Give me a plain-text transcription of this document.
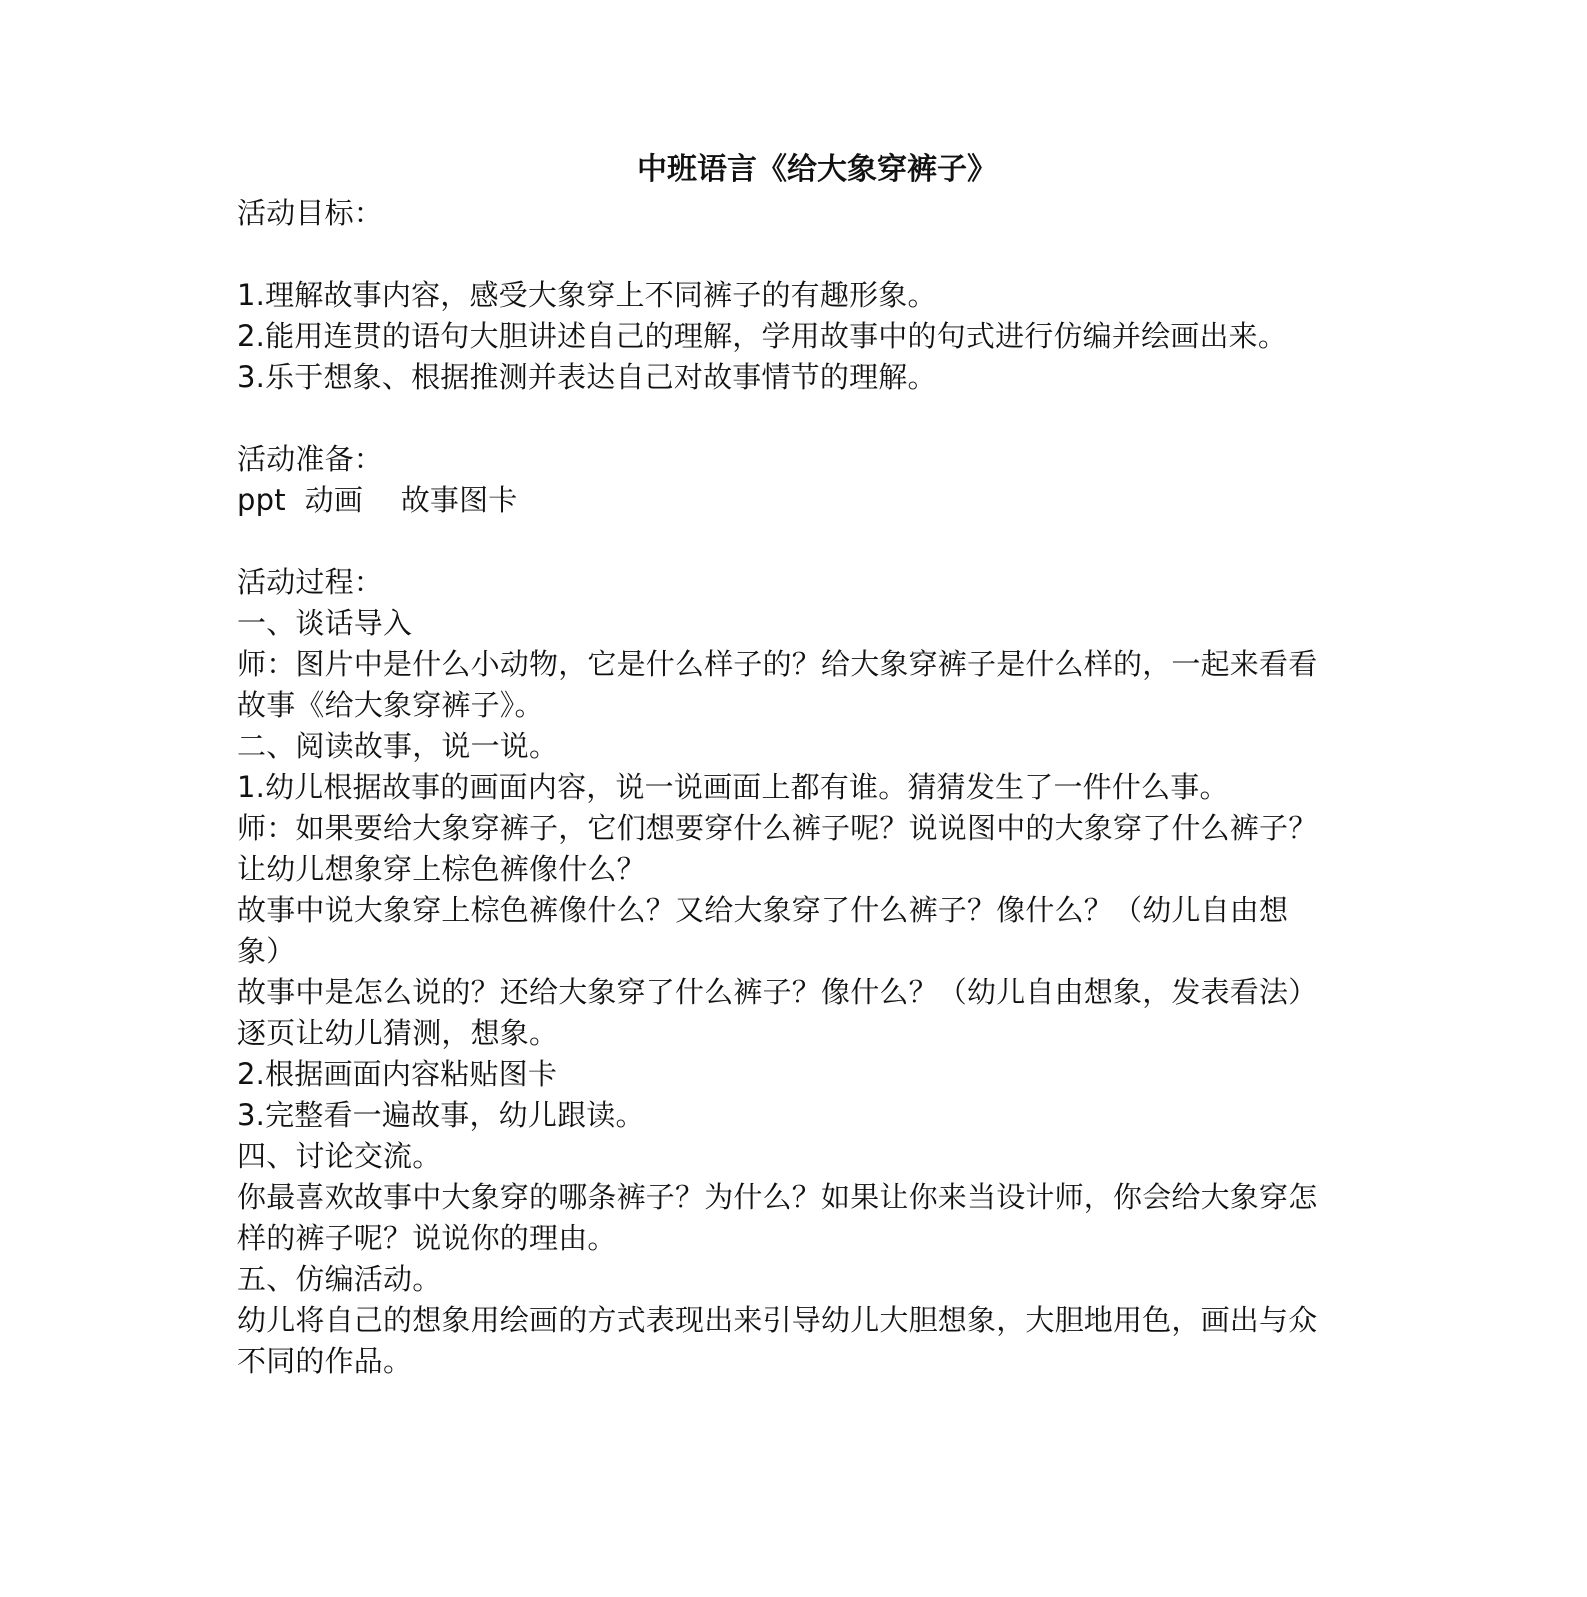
中班语言《给大象穿裤子》
活动目标：
1.理解故事内容，感受大象穿上不同裤子的有趣形象。
2.能用连贯的语句大胆讲述自己的理解，学用故事中的句式进行仿编并绘画出来。
3.乐于想象、根据推测并表达自己对故事情节的理解。
活动准备：
ppt  动画    故事图卡
活动过程：
一、谈话导入
师：图片中是什么小动物，它是什么样子的？给大象穿裤子是什么样的，一起来看看故事《给大象穿裤子》。
二、阅读故事，说一说。
1.幼儿根据故事的画面内容，说一说画面上都有谁。猜猜发生了一件什么事。
师：如果要给大象穿裤子，它们想要穿什么裤子呢？说说图中的大象穿了什么裤子？让幼儿想象穿上棕色裤像什么？
故事中说大象穿上棕色裤像什么？又给大象穿了什么裤子？像什么？（幼儿自由想象）
故事中是怎么说的？还给大象穿了什么裤子？像什么？（幼儿自由想象，发表看法）
逐页让幼儿猜测，想象。
2.根据画面内容粘贴图卡
3.完整看一遍故事，幼儿跟读。
四、讨论交流。
你最喜欢故事中大象穿的哪条裤子？为什么？如果让你来当设计师，你会给大象穿怎样的裤子呢？说说你的理由。
五、仿编活动。
幼儿将自己的想象用绘画的方式表现出来引导幼儿大胆想象，大胆地用色，画出与众不同的作品。
